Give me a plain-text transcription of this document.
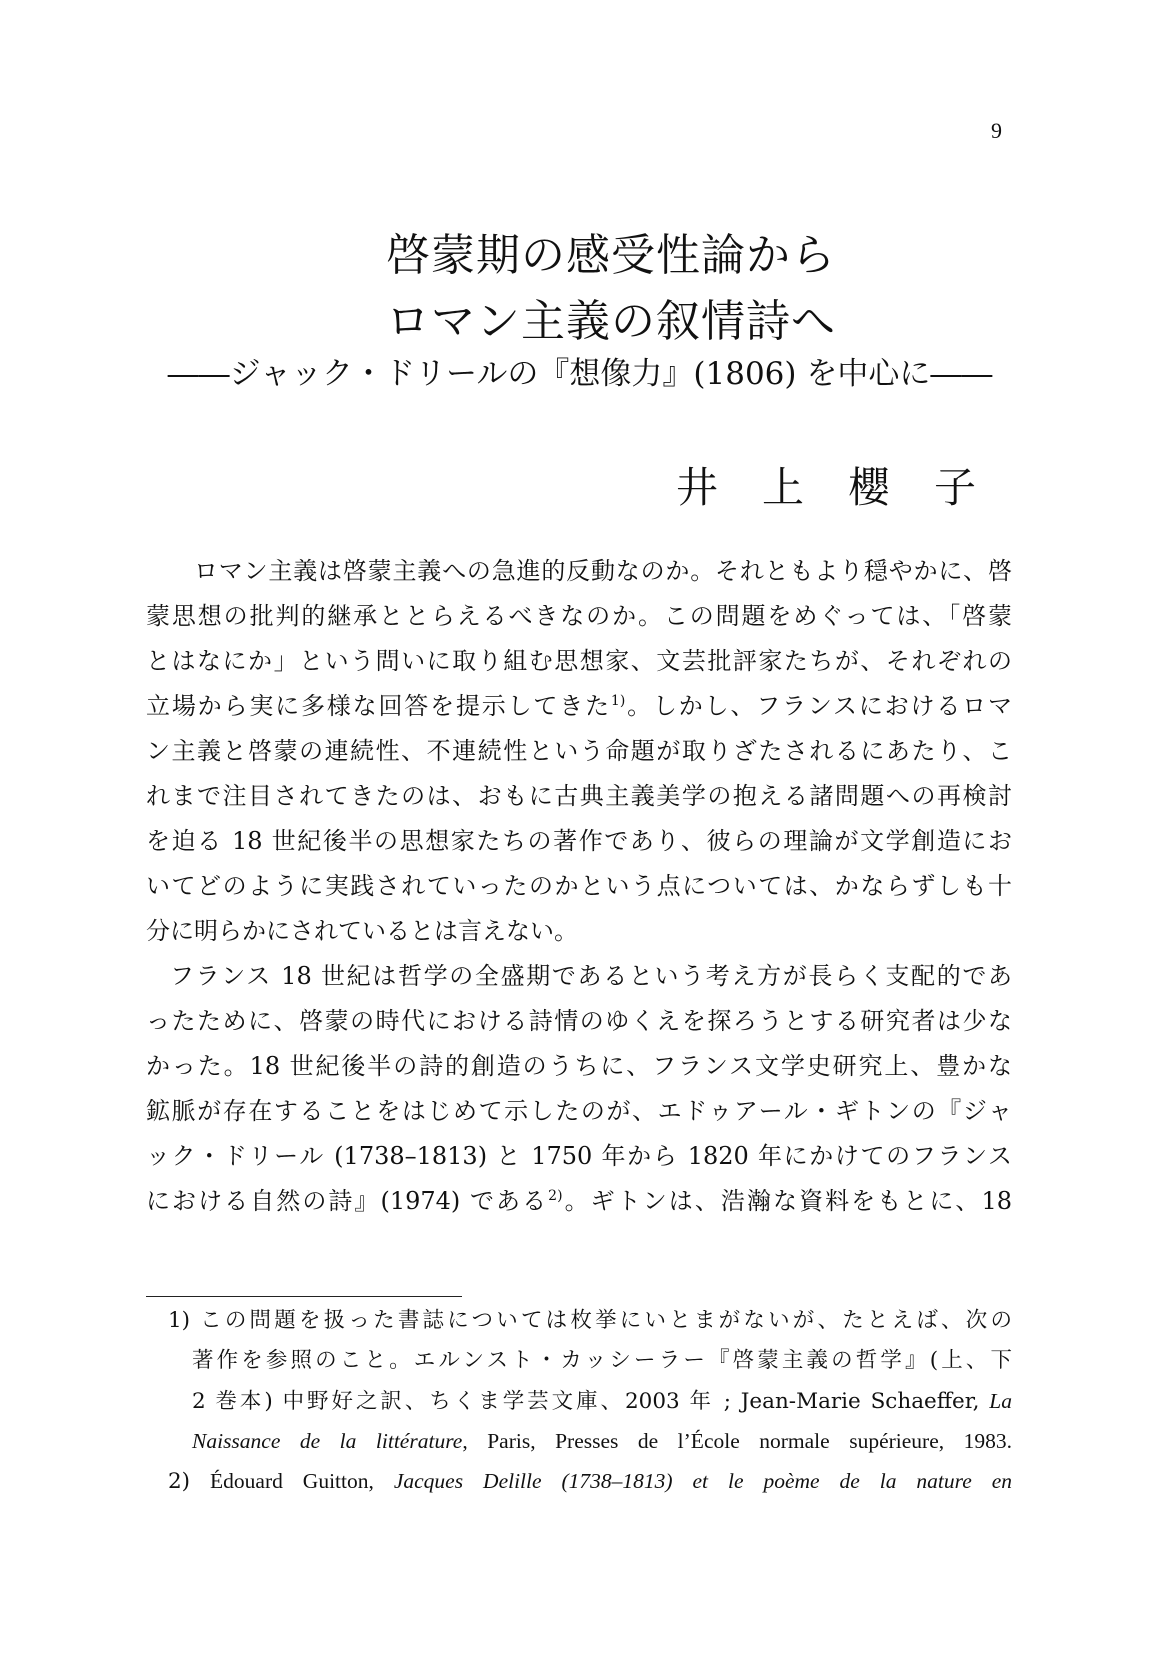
9
啓蒙期の感受性論から
ロマン主義の叙情詩へ
――ジャック・ドリールの『想像力』(1806) を中心に――
井上櫻子
ロマン主義は啓蒙主義への急進的反動なのか。それともより穏やかに、啓
蒙思想の批判的継承ととらえるべきなのか。この問題をめぐっては、「啓蒙
とはなにか」という問いに取り組む思想家、文芸批評家たちが、それぞれの
立場から実に多様な回答を提示してきた$^{1)}$。しかし、フランスにおけるロマ
ン主義と啓蒙の連続性、不連続性という命題が取りざたされるにあたり、こ
れまで注目されてきたのは、おもに古典主義美学の抱える諸問題への再検討
を迫る 18 世紀後半の思想家たちの著作であり、彼らの理論が文学創造にお
いてどのように実践されていったのかという点については、かならずしも十
分に明らかにされているとは言えない。
フランス 18 世紀は哲学の全盛期であるという考え方が長らく支配的であ
ったために、啓蒙の時代における詩情のゆくえを探ろうとする研究者は少な
かった。18 世紀後半の詩的創造のうちに、フランス文学史研究上、豊かな
鉱脈が存在することをはじめて示したのが、エドゥアール・ギトンの『ジャ
ック・ドリール (1738–1813) と 1750 年から 1820 年にかけてのフランス
における自然の詩』(1974) である$^{2)}$。ギトンは、浩瀚な資料をもとに、18
1) この問題を扱った書誌については枚挙にいとまがないが、たとえば、次の
著作を参照のこと。エルンスト・カッシーラー『啓蒙主義の哲学』(上、下
2 巻本) 中野好之訳、ちくま学芸文庫、2003 年 ; Jean-Marie Schaeffer, La
Naissance de la littérature, Paris, Presses de l’École normale supérieure, 1983.
2) Édouard Guitton, Jacques Delille (1738–1813) et le poème de la nature en
